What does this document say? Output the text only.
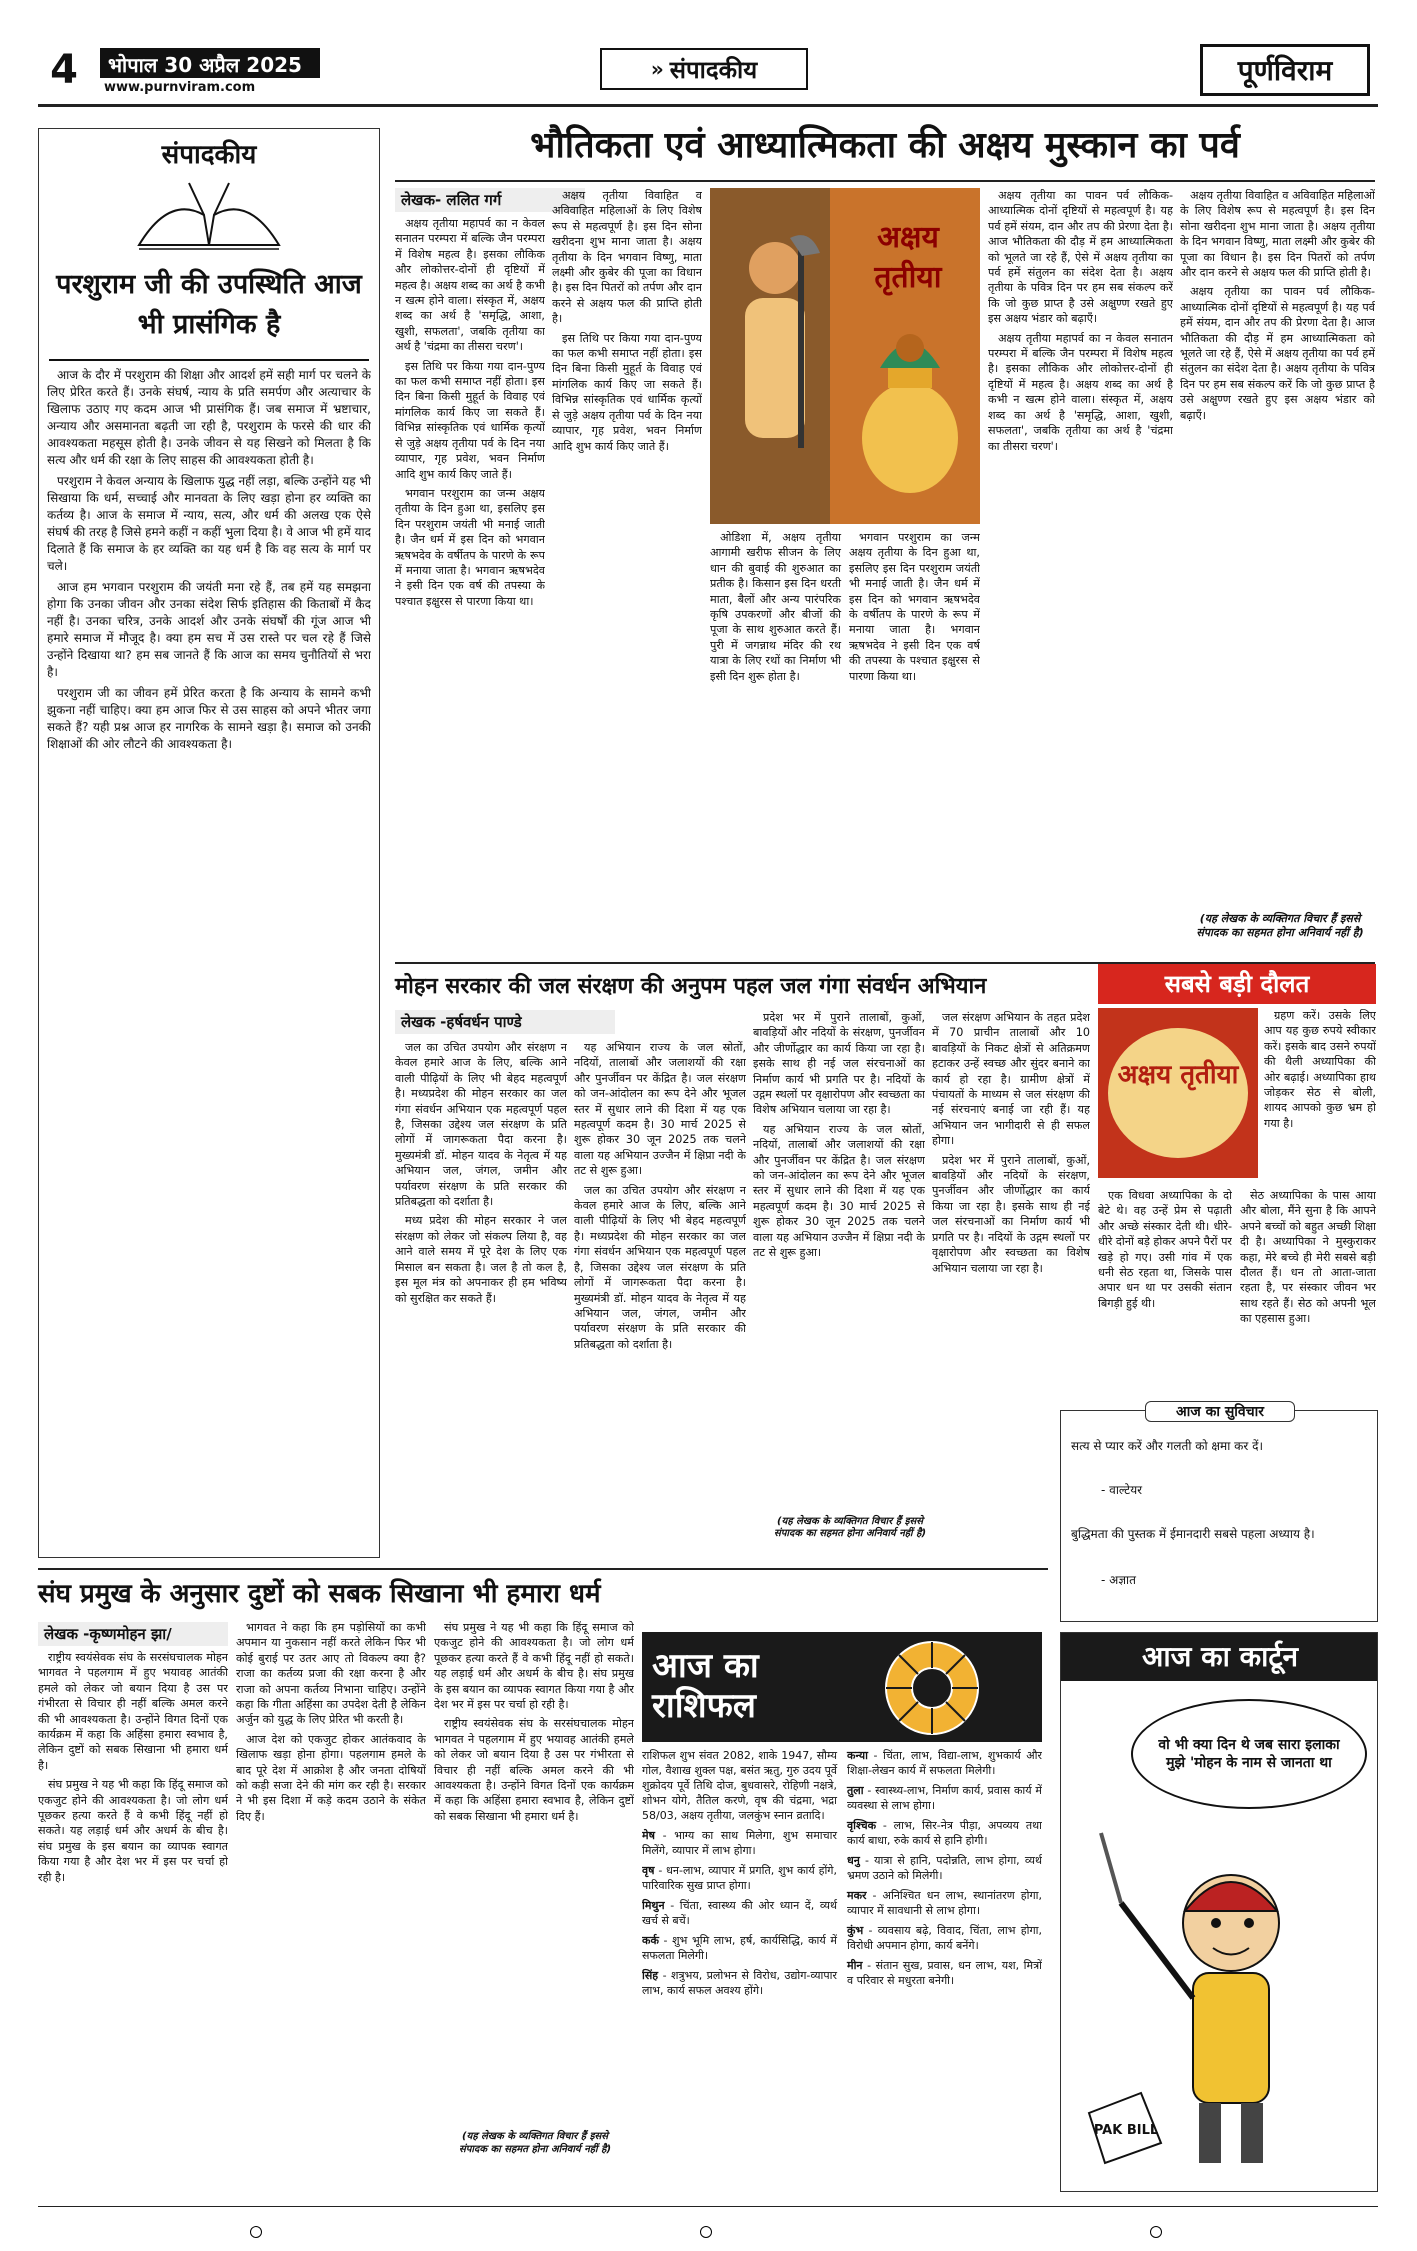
4	भोपाल 30 अप्रैल 2025
www.purnviram.com
» संपादकीय	पूर्णविराम
संपादकीय
परशुराम जी की उपस्थिति आज भी प्रासंगिक है

आज के दौर में परशुराम की शिक्षा और आदर्श हमें सही मार्ग पर चलने के लिए प्रेरित करते हैं। उनके संघर्ष, न्याय के प्रति समर्पण और अत्याचार के खिलाफ उठाए गए कदम आज भी प्रासंगिक हैं। जब समाज में भ्रष्टाचार, अन्याय और असमानता बढ़ती जा रही है, परशुराम के फरसे की धार की आवश्यकता महसूस होती है। उनके जीवन से यह सिखने को मिलता है कि सत्य और धर्म की रक्षा के लिए साहस की आवश्यकता होती है।

परशुराम ने केवल अन्याय के खिलाफ युद्ध नहीं लड़ा, बल्कि उन्होंने यह भी सिखाया कि धर्म, सच्चाई और मानवता के लिए खड़ा होना हर व्यक्ति का कर्तव्य है। आज के समाज में न्याय, सत्य, और धर्म की अलख एक ऐसे संघर्ष की तरह है जिसे हमने कहीं न कहीं भुला दिया है। वे आज भी हमें याद दिलाते हैं कि समाज के हर व्यक्ति का यह धर्म है कि वह सत्य के मार्ग पर चले।

आज हम भगवान परशुराम की जयंती मना रहे हैं, तब हमें यह समझना होगा कि उनका जीवन और उनका संदेश सिर्फ इतिहास की किताबों में कैद नहीं है। उनका चरित्र, उनके आदर्श और उनके संघर्षों की गूंज आज भी हमारे समाज में मौजूद है। क्या हम सच में उस रास्ते पर चल रहे हैं जिसे उन्होंने दिखाया था? हम सब जानते हैं कि आज का समय चुनौतियों से भरा है।

परशुराम जी का जीवन हमें प्रेरित करता है कि अन्याय के सामने कभी झुकना नहीं चाहिए। क्या हम आज फिर से उस साहस को अपने भीतर जगा सकते हैं? यही प्रश्न आज हर नागरिक के सामने खड़ा है। समाज को उनकी शिक्षाओं की ओर लौटने की आवश्यकता है।

भौतिकता एवं आध्यात्मिकता की अक्षय मुस्कान का पर्व
लेखक- ललित गर्ग

अक्षय तृतीया महापर्व का न केवल सनातन परम्परा में बल्कि जैन परम्परा में विशेष महत्व है। इसका लौकिक और लोकोत्तर-दोनों ही दृष्टियों में महत्व है। अक्षय शब्द का अर्थ है कभी न खत्म होने वाला। संस्कृत में, अक्षय शब्द का अर्थ है 'समृद्धि, आशा, खुशी, सफलता', जबकि तृतीया का अर्थ है 'चंद्रमा का तीसरा चरण'।

इस तिथि पर किया गया दान-पुण्य का फल कभी समाप्त नहीं होता। इस दिन बिना किसी मुहूर्त के विवाह एवं मांगलिक कार्य किए जा सकते हैं। विभिन्न सांस्कृतिक एवं धार्मिक कृत्यों से जुड़े अक्षय तृतीया पर्व के दिन नया व्यापार, गृह प्रवेश, भवन निर्माण आदि शुभ कार्य किए जाते हैं।

भगवान परशुराम का जन्म अक्षय तृतीया के दिन हुआ था, इसलिए इस दिन परशुराम जयंती भी मनाई जाती है। जैन धर्म में इस दिन को भगवान ऋषभदेव के वर्षीतप के पारणे के रूप में मनाया जाता है। भगवान ऋषभदेव ने इसी दिन एक वर्ष की तपस्या के पश्चात इक्षुरस से पारणा किया था।

अक्षय तृतीया विवाहित व अविवाहित महिलाओं के लिए विशेष रूप से महत्वपूर्ण है। इस दिन सोना खरीदना शुभ माना जाता है। अक्षय तृतीया के दिन भगवान विष्णु, माता लक्ष्मी और कुबेर की पूजा का विधान है। इस दिन पितरों को तर्पण और दान करने से अक्षय फल की प्राप्ति होती है।

इस तिथि पर किया गया दान-पुण्य का फल कभी समाप्त नहीं होता। इस दिन बिना किसी मुहूर्त के विवाह एवं मांगलिक कार्य किए जा सकते हैं। विभिन्न सांस्कृतिक एवं धार्मिक कृत्यों से जुड़े अक्षय तृतीया पर्व के दिन नया व्यापार, गृह प्रवेश, भवन निर्माण आदि शुभ कार्य किए जाते हैं।

अक्षय तृतीया

ओडिशा में, अक्षय तृतीया आगामी खरीफ सीजन के लिए धान की बुवाई की शुरुआत का प्रतीक है। किसान इस दिन धरती माता, बैलों और अन्य पारंपरिक कृषि उपकरणों और बीजों की पूजा के साथ शुरुआत करते हैं। पुरी में जगन्नाथ मंदिर की रथ यात्रा के लिए रथों का निर्माण भी इसी दिन शुरू होता है।

भगवान परशुराम का जन्म अक्षय तृतीया के दिन हुआ था, इसलिए इस दिन परशुराम जयंती भी मनाई जाती है। जैन धर्म में इस दिन को भगवान ऋषभदेव के वर्षीतप के पारणे के रूप में मनाया जाता है। भगवान ऋषभदेव ने इसी दिन एक वर्ष की तपस्या के पश्चात इक्षुरस से पारणा किया था।

अक्षय तृतीया का पावन पर्व लौकिक-आध्यात्मिक दोनों दृष्टियों से महत्वपूर्ण है। यह पर्व हमें संयम, दान और तप की प्रेरणा देता है। आज भौतिकता की दौड़ में हम आध्यात्मिकता को भूलते जा रहे हैं, ऐसे में अक्षय तृतीया का पर्व हमें संतुलन का संदेश देता है। अक्षय तृतीया के पवित्र दिन पर हम सब संकल्प करें कि जो कुछ प्राप्त है उसे अक्षुण्ण रखते हुए इस अक्षय भंडार को बढ़ाएँ।

अक्षय तृतीया महापर्व का न केवल सनातन परम्परा में बल्कि जैन परम्परा में विशेष महत्व है। इसका लौकिक और लोकोत्तर-दोनों ही दृष्टियों में महत्व है। अक्षय शब्द का अर्थ है कभी न खत्म होने वाला। संस्कृत में, अक्षय शब्द का अर्थ है 'समृद्धि, आशा, खुशी, सफलता', जबकि तृतीया का अर्थ है 'चंद्रमा का तीसरा चरण'।

अक्षय तृतीया विवाहित व अविवाहित महिलाओं के लिए विशेष रूप से महत्वपूर्ण है। इस दिन सोना खरीदना शुभ माना जाता है। अक्षय तृतीया के दिन भगवान विष्णु, माता लक्ष्मी और कुबेर की पूजा का विधान है। इस दिन पितरों को तर्पण और दान करने से अक्षय फल की प्राप्ति होती है।

अक्षय तृतीया का पावन पर्व लौकिक-आध्यात्मिक दोनों दृष्टियों से महत्वपूर्ण है। यह पर्व हमें संयम, दान और तप की प्रेरणा देता है। आज भौतिकता की दौड़ में हम आध्यात्मिकता को भूलते जा रहे हैं, ऐसे में अक्षय तृतीया का पर्व हमें संतुलन का संदेश देता है। अक्षय तृतीया के पवित्र दिन पर हम सब संकल्प करें कि जो कुछ प्राप्त है उसे अक्षुण्ण रखते हुए इस अक्षय भंडार को बढ़ाएँ।

(यह लेखक के व्यक्तिगत विचार हैं इससे संपादक का सहमत होना अनिवार्य नहीं है)
मोहन सरकार की जल संरक्षण की अनुपम पहल जल गंगा संवर्धन अभियान
लेखक -हर्षवर्धन पाण्डे

जल का उचित उपयोग और संरक्षण न केवल हमारे आज के लिए, बल्कि आने वाली पीढ़ियों के लिए भी बेहद महत्वपूर्ण है। मध्यप्रदेश की मोहन सरकार का जल गंगा संवर्धन अभियान एक महत्वपूर्ण पहल है, जिसका उद्देश्य जल संरक्षण के प्रति लोगों में जागरूकता पैदा करना है। मुख्यमंत्री डॉ. मोहन यादव के नेतृत्व में यह अभियान जल, जंगल, जमीन और पर्यावरण संरक्षण के प्रति सरकार की प्रतिबद्धता को दर्शाता है।

मध्य प्रदेश की मोहन सरकार ने जल संरक्षण को लेकर जो संकल्प लिया है, वह आने वाले समय में पूरे देश के लिए एक मिसाल बन सकता है। जल है तो कल है, इस मूल मंत्र को अपनाकर ही हम भविष्य को सुरक्षित कर सकते हैं।

यह अभियान राज्य के जल स्रोतों, नदियों, तालाबों और जलाशयों की रक्षा और पुनर्जीवन पर केंद्रित है। जल संरक्षण को जन-आंदोलन का रूप देने और भूजल स्तर में सुधार लाने की दिशा में यह एक महत्वपूर्ण कदम है। 30 मार्च 2025 से शुरू होकर 30 जून 2025 तक चलने वाला यह अभियान उज्जैन में क्षिप्रा नदी के तट से शुरू हुआ।

जल का उचित उपयोग और संरक्षण न केवल हमारे आज के लिए, बल्कि आने वाली पीढ़ियों के लिए भी बेहद महत्वपूर्ण है। मध्यप्रदेश की मोहन सरकार का जल गंगा संवर्धन अभियान एक महत्वपूर्ण पहल है, जिसका उद्देश्य जल संरक्षण के प्रति लोगों में जागरूकता पैदा करना है। मुख्यमंत्री डॉ. मोहन यादव के नेतृत्व में यह अभियान जल, जंगल, जमीन और पर्यावरण संरक्षण के प्रति सरकार की प्रतिबद्धता को दर्शाता है।

प्रदेश भर में पुराने तालाबों, कुओं, बावड़ियों और नदियों के संरक्षण, पुनर्जीवन और जीर्णोद्धार का कार्य किया जा रहा है। इसके साथ ही नई जल संरचनाओं का निर्माण कार्य भी प्रगति पर है। नदियों के उद्गम स्थलों पर वृक्षारोपण और स्वच्छता का विशेष अभियान चलाया जा रहा है।

यह अभियान राज्य के जल स्रोतों, नदियों, तालाबों और जलाशयों की रक्षा और पुनर्जीवन पर केंद्रित है। जल संरक्षण को जन-आंदोलन का रूप देने और भूजल स्तर में सुधार लाने की दिशा में यह एक महत्वपूर्ण कदम है। 30 मार्च 2025 से शुरू होकर 30 जून 2025 तक चलने वाला यह अभियान उज्जैन में क्षिप्रा नदी के तट से शुरू हुआ।

जल संरक्षण अभियान के तहत प्रदेश में 70 प्राचीन तालाबों और 10 बावड़ियों के निकट क्षेत्रों से अतिक्रमण हटाकर उन्हें स्वच्छ और सुंदर बनाने का कार्य हो रहा है। ग्रामीण क्षेत्रों में पंचायतों के माध्यम से जल संरक्षण की नई संरचनाएं बनाई जा रही हैं। यह अभियान जन भागीदारी से ही सफल होगा।

प्रदेश भर में पुराने तालाबों, कुओं, बावड़ियों और नदियों के संरक्षण, पुनर्जीवन और जीर्णोद्धार का कार्य किया जा रहा है। इसके साथ ही नई जल संरचनाओं का निर्माण कार्य भी प्रगति पर है। नदियों के उद्गम स्थलों पर वृक्षारोपण और स्वच्छता का विशेष अभियान चलाया जा रहा है।

(यह लेखक के व्यक्तिगत विचार हैं इससे संपादक का सहमत होना अनिवार्य नहीं है)
सबसे बड़ी दौलत
अक्षय तृतीया

ग्रहण करें। उसके लिए आप यह कुछ रुपये स्वीकार करें। इसके बाद उसने रुपयों की थैली अध्यापिका की ओर बढ़ाई। अध्यापिका हाथ जोड़कर सेठ से बोली, शायद आपको कुछ भ्रम हो गया है।

एक विधवा अध्यापिका के दो बेटे थे। वह उन्हें प्रेम से पढ़ाती और अच्छे संस्कार देती थी। धीरे-धीरे दोनों बड़े होकर अपने पैरों पर खड़े हो गए। उसी गांव में एक धनी सेठ रहता था, जिसके पास अपार धन था पर उसकी संतान बिगड़ी हुई थी।

सेठ अध्यापिका के पास आया और बोला, मैंने सुना है कि आपने अपने बच्चों को बहुत अच्छी शिक्षा दी है। अध्यापिका ने मुस्कुराकर कहा, मेरे बच्चे ही मेरी सबसे बड़ी दौलत हैं। धन तो आता-जाता रहता है, पर संस्कार जीवन भर साथ रहते हैं। सेठ को अपनी भूल का एहसास हुआ।

आज का सुविचार
सत्य से प्यार करें और गलती को क्षमा कर दें।
- वाल्टेयर
बुद्धिमता की पुस्तक में ईमानदारी सबसे पहला अध्याय है।
- अज्ञात
आज का कार्टून
वो भी क्या दिन थे जब सारा इलाका मुझे 'मोहन के नाम से जानता था
PAK BILL
संघ प्रमुख के अनुसार दुष्टों को सबक सिखाना भी हमारा धर्म
लेखक -कृष्णमोहन झा/

राष्ट्रीय स्वयंसेवक संघ के सरसंघचालक मोहन भागवत ने पहलगाम में हुए भयावह आतंकी हमले को लेकर जो बयान दिया है उस पर गंभीरता से विचार ही नहीं बल्कि अमल करने की भी आवश्यकता है। उन्होंने विगत दिनों एक कार्यक्रम में कहा कि अहिंसा हमारा स्वभाव है, लेकिन दुष्टों को सबक सिखाना भी हमारा धर्म है।

संघ प्रमुख ने यह भी कहा कि हिंदू समाज को एकजुट होने की आवश्यकता है। जो लोग धर्म पूछकर हत्या करते हैं वे कभी हिंदू नहीं हो सकते। यह लड़ाई धर्म और अधर्म के बीच है। संघ प्रमुख के इस बयान का व्यापक स्वागत किया गया है और देश भर में इस पर चर्चा हो रही है।

भागवत ने कहा कि हम पड़ोसियों का कभी अपमान या नुकसान नहीं करते लेकिन फिर भी कोई बुराई पर उतर आए तो विकल्प क्या है? राजा का कर्तव्य प्रजा की रक्षा करना है और राजा को अपना कर्तव्य निभाना चाहिए। उन्होंने कहा कि गीता अहिंसा का उपदेश देती है लेकिन अर्जुन को युद्ध के लिए प्रेरित भी करती है।

आज देश को एकजुट होकर आतंकवाद के खिलाफ खड़ा होना होगा। पहलगाम हमले के बाद पूरे देश में आक्रोश है और जनता दोषियों को कड़ी सजा देने की मांग कर रही है। सरकार ने भी इस दिशा में कड़े कदम उठाने के संकेत दिए हैं।

संघ प्रमुख ने यह भी कहा कि हिंदू समाज को एकजुट होने की आवश्यकता है। जो लोग धर्म पूछकर हत्या करते हैं वे कभी हिंदू नहीं हो सकते। यह लड़ाई धर्म और अधर्म के बीच है। संघ प्रमुख के इस बयान का व्यापक स्वागत किया गया है और देश भर में इस पर चर्चा हो रही है।

राष्ट्रीय स्वयंसेवक संघ के सरसंघचालक मोहन भागवत ने पहलगाम में हुए भयावह आतंकी हमले को लेकर जो बयान दिया है उस पर गंभीरता से विचार ही नहीं बल्कि अमल करने की भी आवश्यकता है। उन्होंने विगत दिनों एक कार्यक्रम में कहा कि अहिंसा हमारा स्वभाव है, लेकिन दुष्टों को सबक सिखाना भी हमारा धर्म है।

(यह लेखक के व्यक्तिगत विचार हैं इससे संपादक का सहमत होना अनिवार्य नहीं है)
आज का राशिफल
राशिफल शुभ संवत 2082, शाके 1947, सौम्य गोल, वैशाख शुक्ल पक्ष, बसंत ऋतु, गुरु उदय पूर्वे शुक्रोदय पूर्वे तिथि दोज, बुधवासरे, रोहिणी नक्षत्रे, शोभन योगे, तैतिल करणे, वृष की चंद्रमा, भद्रा 58/03, अक्षय तृतीया, जलकुंभ स्नान व्रतादि।
मेष - भाग्य का साथ मिलेगा, शुभ समाचार मिलेंगे, व्यापार में लाभ होगा।
वृष - धन-लाभ, व्यापार में प्रगति, शुभ कार्य होंगे, पारिवारिक सुख प्राप्त होगा।
मिथुन - चिंता, स्वास्थ्य की ओर ध्यान दें, व्यर्थ खर्च से बचें।
कर्क - शुभ भूमि लाभ, हर्ष, कार्यसिद्धि, कार्य में सफलता मिलेगी।
सिंह - शत्रुभय, प्रलोभन से विरोध, उद्योग-व्यापार लाभ, कार्य सफल अवश्य होंगे।
कन्या - चिंता, लाभ, विद्या-लाभ, शुभकार्य और शिक्षा-लेखन कार्य में सफलता मिलेगी।
तुला - स्वास्थ्य-लाभ, निर्माण कार्य, प्रवास कार्य में व्यवस्था से लाभ होगा।
वृश्चिक - लाभ, सिर-नेत्र पीड़ा, अपव्यय तथा कार्य बाधा, रुके कार्य से हानि होगी।
धनु - यात्रा से हानि, पदोन्नति, लाभ होगा, व्यर्थ भ्रमण उठाने को मिलेगी।
मकर - अनिश्चित धन लाभ, स्थानांतरण होगा, व्यापार में सावधानी से लाभ होगा।
कुंभ - व्यवसाय बढ़े, विवाद, चिंता, लाभ होगा, विरोधी अपमान होगा, कार्य बनेंगे।
मीन - संतान सुख, प्रवास, धन लाभ, यश, मित्रों व परिवार से मधुरता बनेगी।
